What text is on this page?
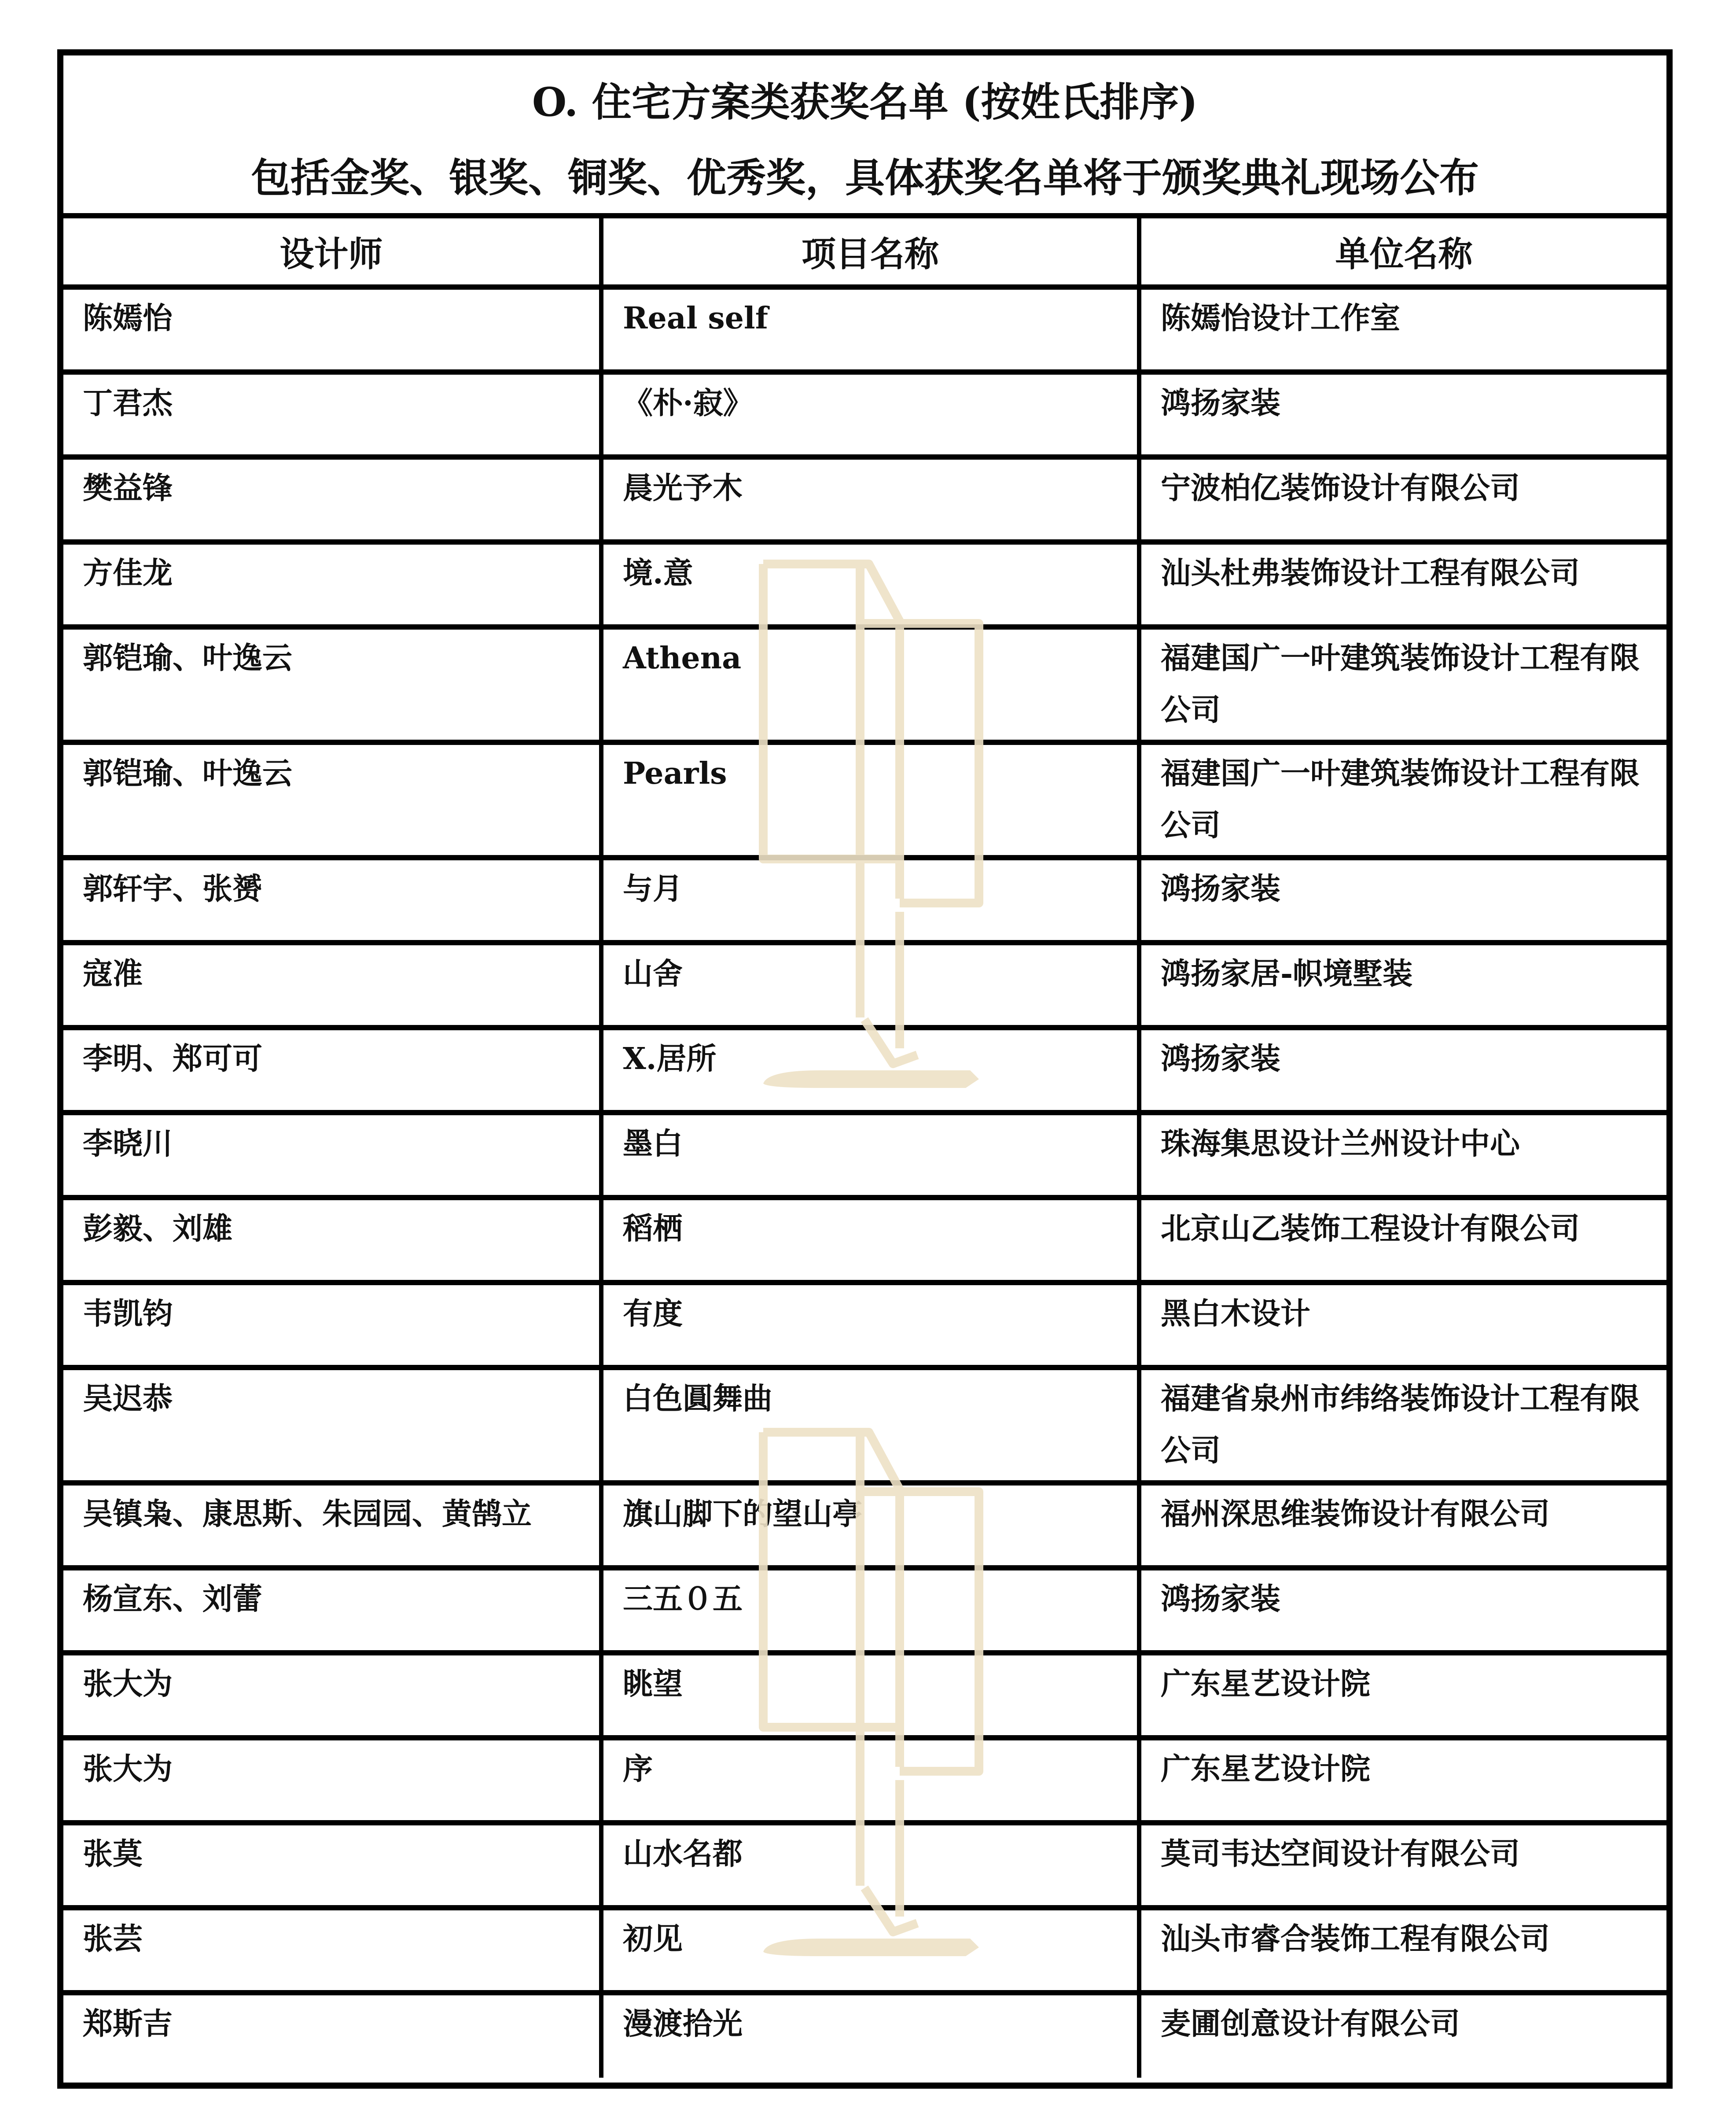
O. 住宅方案类获奖名单 (按姓氏排序)
包括金奖、银奖、铜奖、优秀奖，具体获奖名单将于颁奖典礼现场公布
设计师	项目名称	单位名称

陈嫣怡	Real self	陈嫣怡设计工作室

丁君杰	《朴·寂》	鸿扬家装

樊益锋	晨光予木	宁波柏亿装饰设计有限公司

方佳龙	境.意	汕头杜弗装饰设计工程有限公司

郭铠瑜、叶逸云	Athena	福建国广一叶建筑装饰设计工程有限公司

郭铠瑜、叶逸云	Pearls	福建国广一叶建筑装饰设计工程有限公司

郭轩宇、张赟	与月	鸿扬家装

寇准	山舍	鸿扬家居-帜境墅装

李明、郑可可	X.居所	鸿扬家装

李晓川	墨白	珠海集思设计兰州设计中心

彭毅、刘雄	稻栖	北京山乙装饰工程设计有限公司

韦凯钧	有度	黑白木设计

吴迟恭	白色圓舞曲	福建省泉州市纬络装饰设计工程有限公司

吴镇枭、康思斯、朱园园、黄鹄立	旗山脚下的望山亭	福州深思维装饰设计有限公司

杨宣东、刘蕾	三五０五	鸿扬家装

张大为	眺望	广东星艺设计院

张大为	序	广东星艺设计院

张莫	山水名都	莫司韦达空间设计有限公司

张芸	初见	汕头市睿合装饰工程有限公司

郑斯吉	漫渡拾光	麦圃创意设计有限公司
